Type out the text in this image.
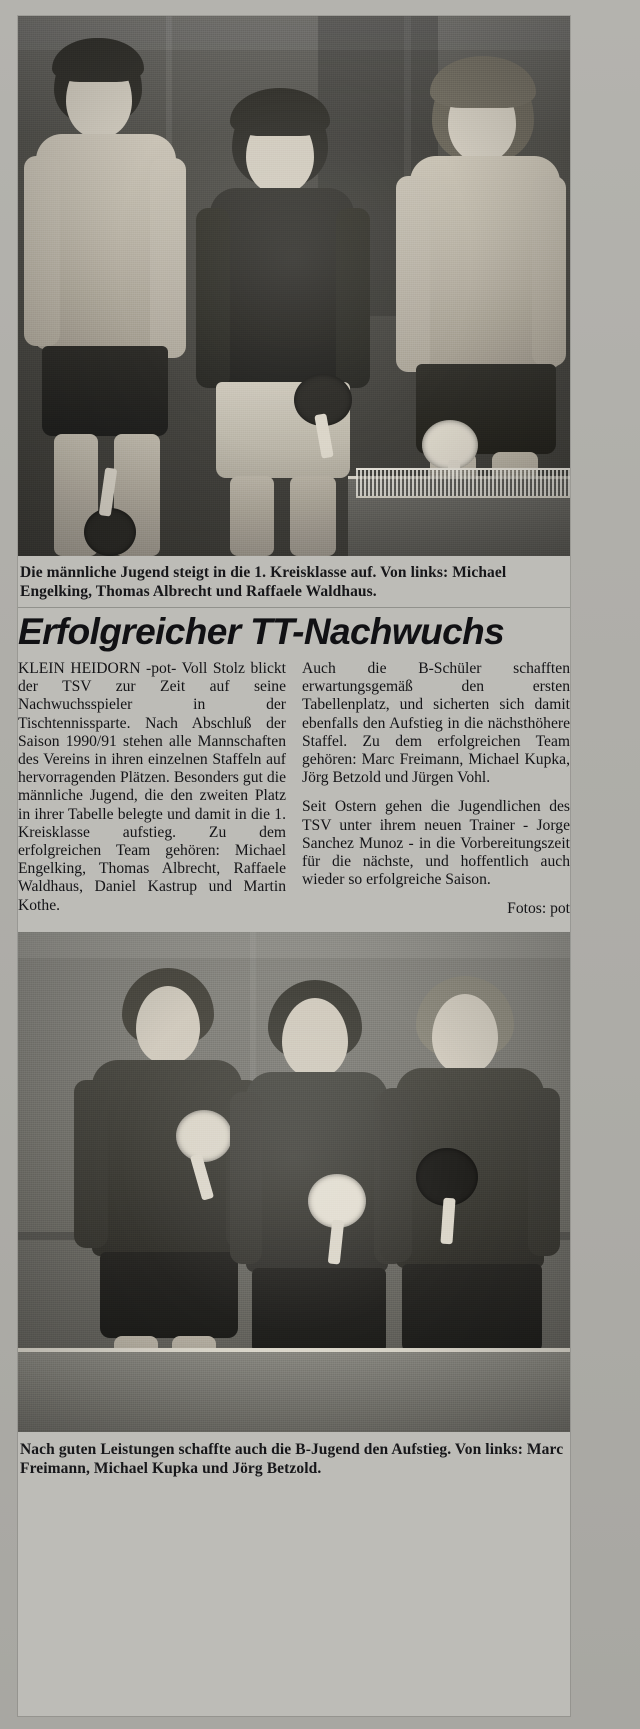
Die männliche Jugend steigt in die 1. Kreisklasse auf. Von links: Michael Engelking, Thomas Albrecht und Raffaele Waldhaus.
Erfolgreicher TT-Nachwuchs

KLEIN HEIDORN -pot- Voll Stolz blickt der TSV zur Zeit auf seine Nachwuchsspieler in der Tischtennissparte. Nach Abschluß der Saison 1990/91 stehen alle Mannschaften des Vereins in ihren einzelnen Staffeln auf hervorragenden Plätzen. Besonders gut die männliche Jugend, die den zweiten Platz in ihrer Tabelle belegte und damit in die 1. Kreisklasse aufstieg. Zu dem erfolgreichen Team gehören: Michael Engelking, Thomas Albrecht, Raffaele Waldhaus, Daniel Kastrup und Martin Kothe.

Auch die B-Schüler schafften erwartungsgemäß den ersten Tabellenplatz, und sicherten sich damit ebenfalls den Aufstieg in die nächsthöhere Staffel. Zu dem erfolgreichen Team gehören: Marc Freimann, Michael Kupka, Jörg Betzold und Jürgen Vohl.

Seit Ostern gehen die Jugendlichen des TSV unter ihrem neuen Trainer - Jorge Sanchez Munoz - in die Vorbereitungszeit für die nächste, und hoffentlich auch wieder so erfolgreiche Saison.

Fotos: pot
Nach guten Leistungen schaffte auch die B-Jugend den Aufstieg. Von links: Marc Freimann, Michael Kupka und Jörg Betzold.
